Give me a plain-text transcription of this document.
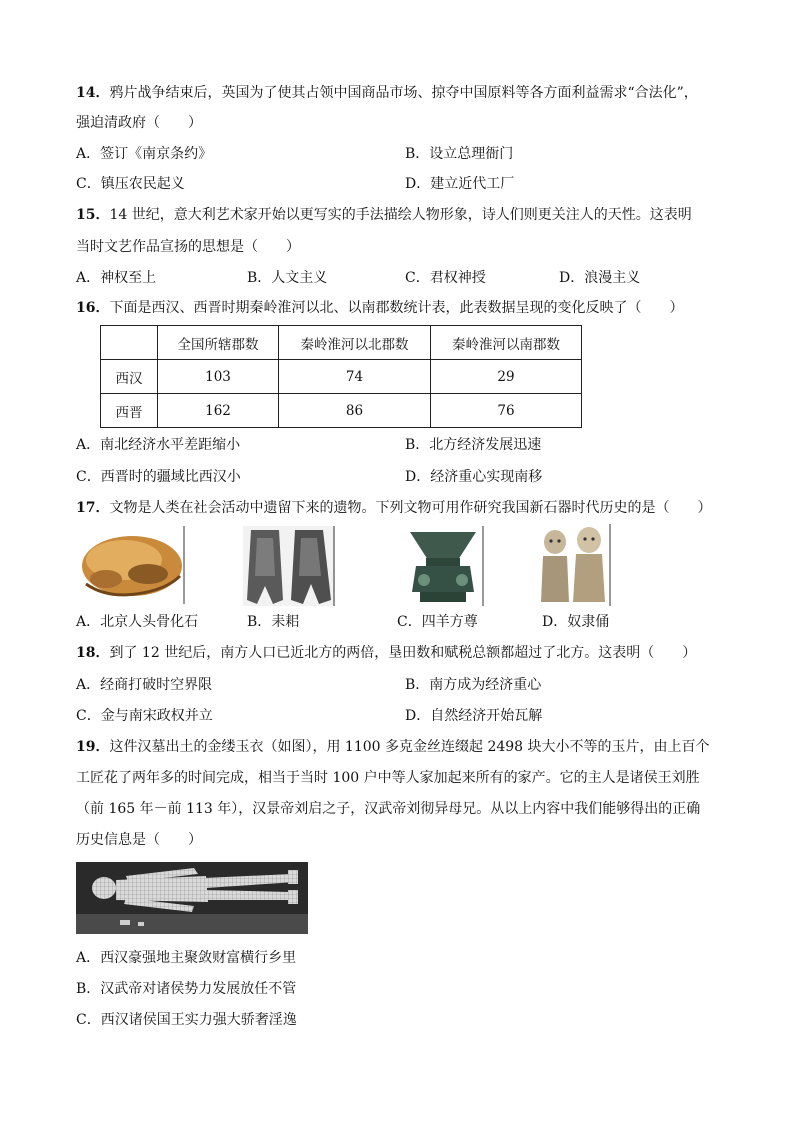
14．鸦片战争结束后，英国为了使其占领中国商品市场、掠夺中国原料等各方面利益需求“合法化”，
强迫清政府（　　）
A．签订《南京条约》	B．设立总理衙门
C．镇压农民起义	D．建立近代工厂
15．14 世纪，意大利艺术家开始以更写实的手法描绘人物形象，诗人们则更关注人的天性。这表明
当时文艺作品宣扬的思想是（　　）
A．神权至上	B．人文主义	C．君权神授	D．浪漫主义
16．下面是西汉、西晋时期秦岭淮河以北、以南郡数统计表，此表数据呈现的变化反映了（　　）
	全国所辖郡数	秦岭淮河以北郡数	秦岭淮河以南郡数
西汉	103	74	29
西晋	162	86	76
A．南北经济水平差距缩小	B．北方经济发展迅速
C．西晋时的疆域比西汉小	D．经济重心实现南移
17．文物是人类在社会活动中遗留下来的遗物。下列文物可用作研究我国新石器时代历史的是（　　）
A．北京人头骨化石	B．耒耜	C．四羊方尊	D．奴隶俑
18．到了 12 世纪后，南方人口已近北方的两倍，垦田数和赋税总额都超过了北方。这表明（　　）
A．经商打破时空界限	B．南方成为经济重心
C．金与南宋政权并立	D．自然经济开始瓦解
19．这件汉墓出土的金缕玉衣（如图），用 1100 多克金丝连缀起 2498 块大小不等的玉片，由上百个
工匠花了两年多的时间完成，相当于当时 100 户中等人家加起来所有的家产。它的主人是诸侯王刘胜
（前 165 年－前 113 年），汉景帝刘启之子，汉武帝刘彻异母兄。从以上内容中我们能够得出的正确
历史信息是（　　）
A．西汉豪强地主聚敛财富横行乡里
B．汉武帝对诸侯势力发展放任不管
C．西汉诸侯国王实力强大骄奢淫逸
